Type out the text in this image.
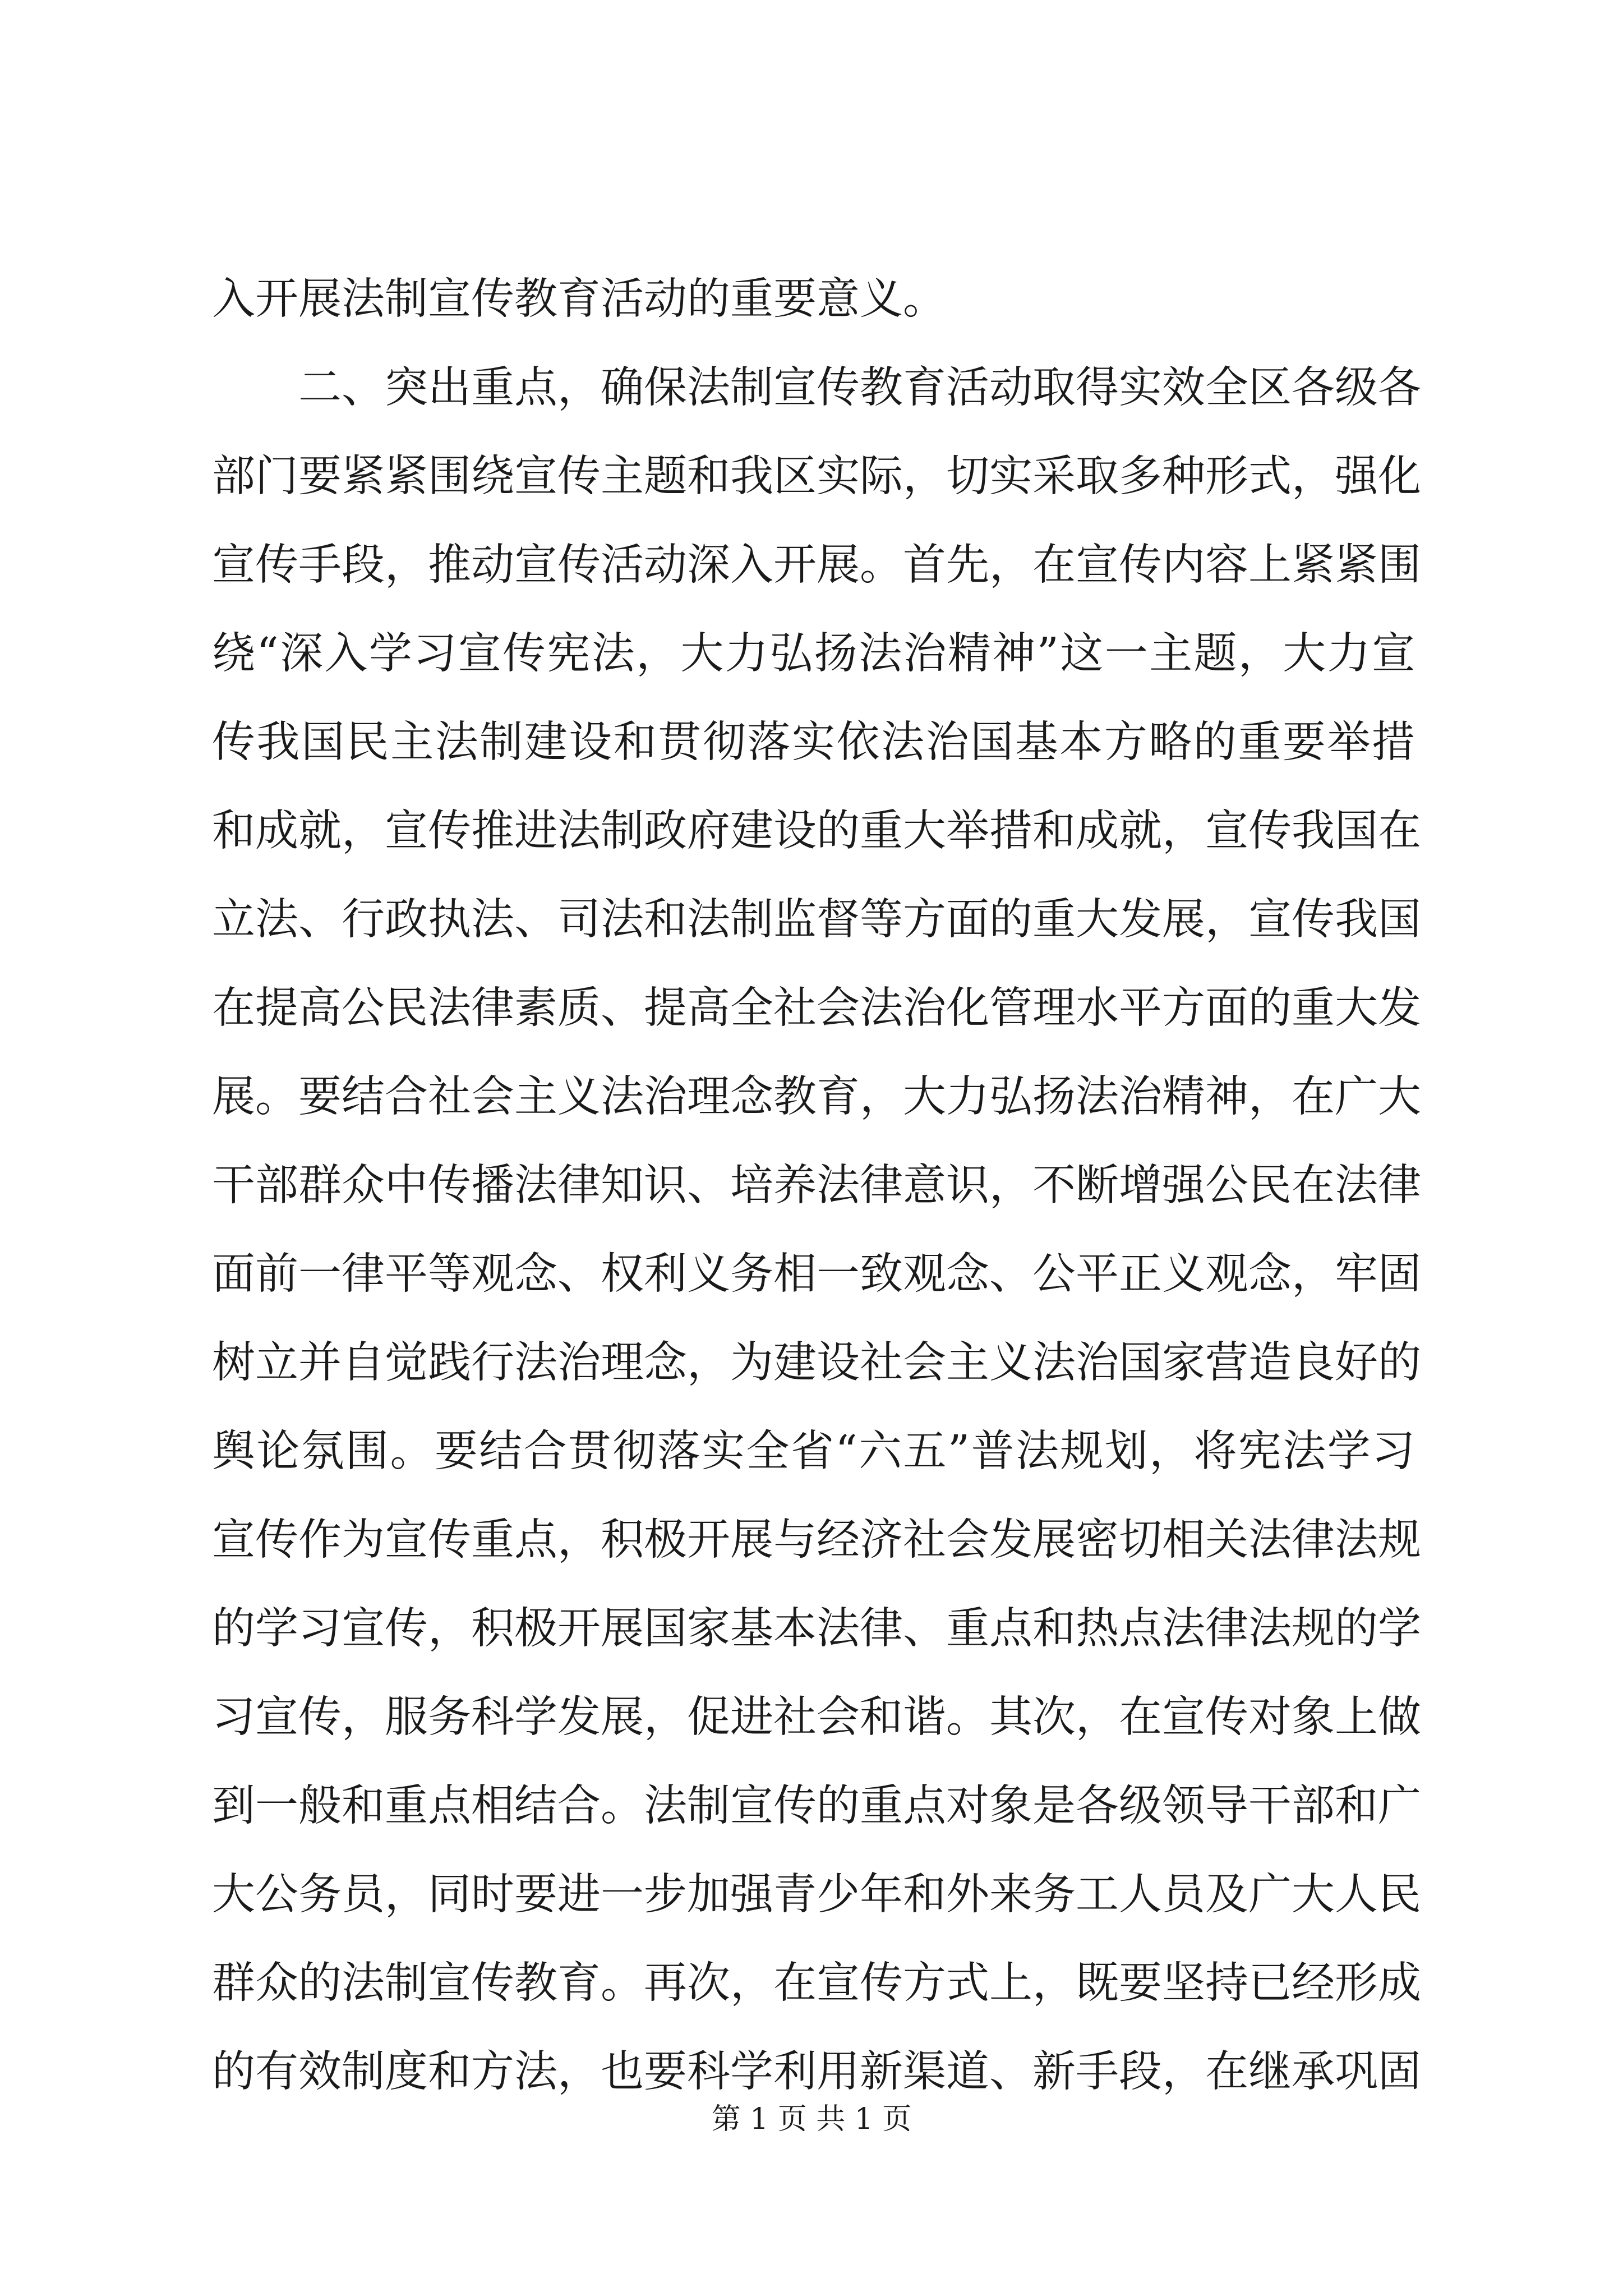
入开展法制宣传教育活动的重要意义。
二、突出重点，确保法制宣传教育活动取得实效全区各级各
部门要紧紧围绕宣传主题和我区实际，切实采取多种形式，强化
宣传手段，推动宣传活动深入开展。首先，在宣传内容上紧紧围
绕“深入学习宣传宪法，大力弘扬法治精神”这一主题，大力宣
传我国民主法制建设和贯彻落实依法治国基本方略的重要举措
和成就，宣传推进法制政府建设的重大举措和成就，宣传我国在
立法、行政执法、司法和法制监督等方面的重大发展，宣传我国
在提高公民法律素质、提高全社会法治化管理水平方面的重大发
展。要结合社会主义法治理念教育，大力弘扬法治精神，在广大
干部群众中传播法律知识、培养法律意识，不断增强公民在法律
面前一律平等观念、权利义务相一致观念、公平正义观念，牢固
树立并自觉践行法治理念，为建设社会主义法治国家营造良好的
舆论氛围。要结合贯彻落实全省“六五”普法规划，将宪法学习
宣传作为宣传重点，积极开展与经济社会发展密切相关法律法规
的学习宣传，积极开展国家基本法律、重点和热点法律法规的学
习宣传，服务科学发展，促进社会和谐。其次，在宣传对象上做
到一般和重点相结合。法制宣传的重点对象是各级领导干部和广
大公务员，同时要进一步加强青少年和外来务工人员及广大人民
群众的法制宣传教育。再次，在宣传方式上，既要坚持已经形成
的有效制度和方法，也要科学利用新渠道、新手段，在继承巩固
第 1 页 共 1 页
